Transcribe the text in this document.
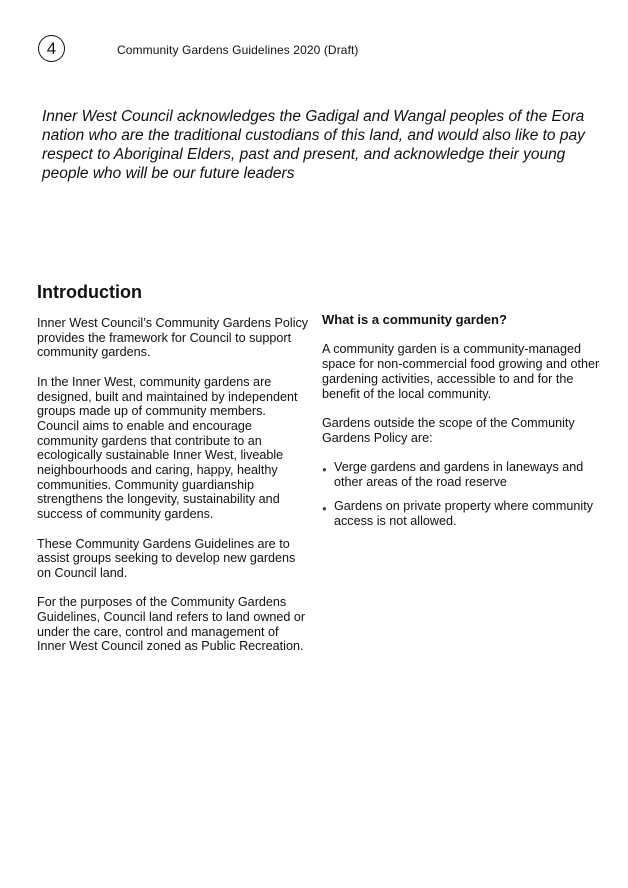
4	Community Gardens Guidelines 2020 (Draft)

Inner West Council acknowledges the Gadigal and Wangal peoples of the Eora nation who are the traditional custodians of this land, and would also like to pay respect to Aboriginal Elders, past and present, and acknowledge their young people who will be our future leaders

Introduction

Inner West Council’s Community Gardens Policy provides the framework for Council to support community gardens.

In the Inner West, community gardens are designed, built and maintained by independent groups made up of community members. Council aims to enable and encourage community gardens that contribute to an ecologically sustainable Inner West, liveable neighbourhoods and caring, happy, healthy communities. Community guardianship strengthens the longevity, sustainability and success of community gardens.

These Community Gardens Guidelines are to assist groups seeking to develop new gardens on Council land.

For the purposes of the Community Gardens Guidelines, Council land refers to land owned or under the care, control and management of Inner West Council zoned as Public Recreation.

What is a community garden?

A community garden is a community-managed space for non-commercial food growing and other gardening activities, accessible to and for the benefit of the local community.

Gardens outside the scope of the Community Gardens Policy are:

● Verge gardens and gardens in laneways and other areas of the road reserve
● Gardens on private property where community access is not allowed.
